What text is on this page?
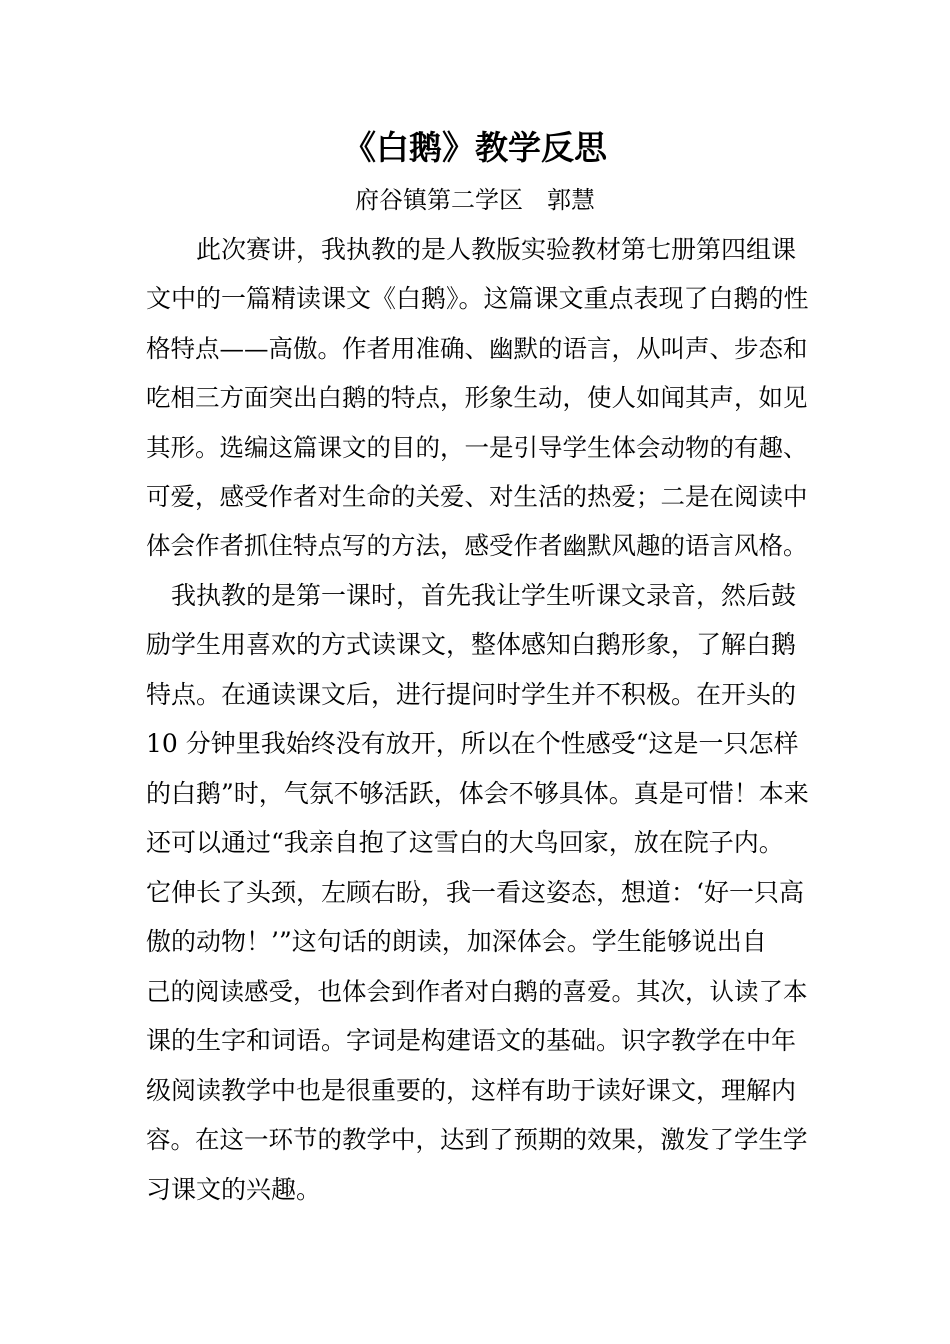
《白鹅》教学反思
府谷镇第二学区　郭慧
此次赛讲，我执教的是人教版实验教材第七册第四组课
文中的一篇精读课文《白鹅》。这篇课文重点表现了白鹅的性
格特点——高傲。作者用准确、幽默的语言，从叫声、步态和
吃相三方面突出白鹅的特点，形象生动，使人如闻其声，如见
其形。选编这篇课文的目的，一是引导学生体会动物的有趣、
可爱，感受作者对生命的关爱、对生活的热爱；二是在阅读中
体会作者抓住特点写的方法，感受作者幽默风趣的语言风格。
我执教的是第一课时，首先我让学生听课文录音，然后鼓
励学生用喜欢的方式读课文，整体感知白鹅形象，了解白鹅
特点。在通读课文后，进行提问时学生并不积极。在开头的
10 分钟里我始终没有放开，所以在个性感受“这是一只怎样
的白鹅”时，气氛不够活跃，体会不够具体。真是可惜！本来
还可以通过“我亲自抱了这雪白的大鸟回家，放在院子内。
它伸长了头颈，左顾右盼，我一看这姿态，想道：‘好一只高
傲的动物！’”这句话的朗读，加深体会。学生能够说出自
己的阅读感受，也体会到作者对白鹅的喜爱。其次，认读了本
课的生字和词语。字词是构建语文的基础。识字教学在中年
级阅读教学中也是很重要的，这样有助于读好课文，理解内
容。在这一环节的教学中，达到了预期的效果，激发了学生学
习课文的兴趣。
